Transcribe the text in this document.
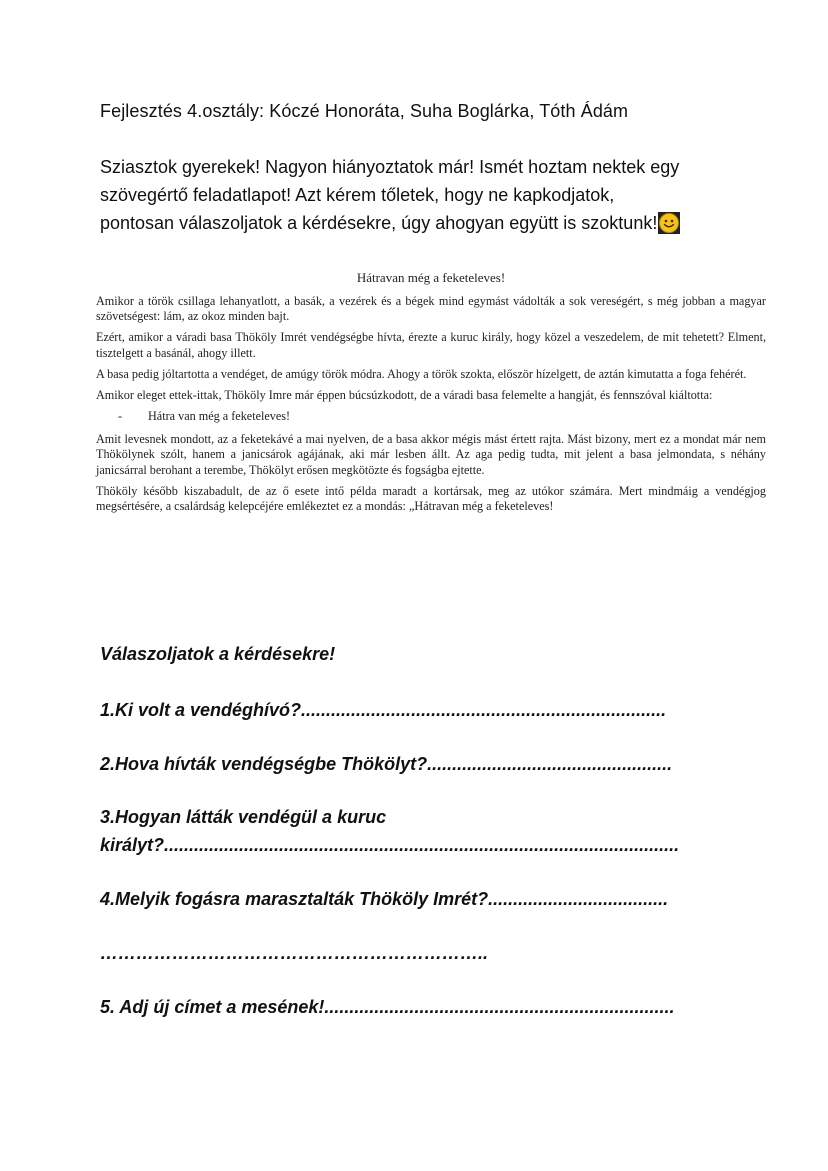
Fejlesztés 4.osztály: Kóczé Honoráta, Suha Boglárka, Tóth Ádám

Sziasztok gyerekek! Nagyon hiányoztatok már! Ismét hoztam nektek egy

szövegértő feladatlapot! Azt kérem tőletek, hogy ne kapkodjatok,

pontosan válaszoljatok a kérdésekre, úgy ahogyan együtt is szoktunk!

Hátravan még a feketeleves!

Amikor a török csillaga lehanyatlott, a basák, a vezérek és a bégek mind egymást vádolták a sok vereségért, s még jobban a magyar szövetségest: lám, az okoz minden bajt.

Ezért, amikor a váradi basa Thököly Imrét vendégségbe hívta, érezte a kuruc király, hogy közel a veszedelem, de mit tehetett? Elment, tisztelgett a basánál, ahogy illett.

A basa pedig jóltartotta a vendéget, de amúgy török módra. Ahogy a török szokta, először hízelgett, de aztán kimutatta a foga fehérét.

Amikor eleget ettek-ittak, Thököly Imre már éppen búcsúzkodott, de a váradi basa felemelte a hangját, és fennszóval kiáltotta:

- Hátra van még a feketeleves!

Amit levesnek mondott, az a feketekávé a mai nyelven, de a basa akkor mégis mást értett rajta. Mást bizony, mert ez a mondat már nem Thökölynek szólt, hanem a janicsárok agájának, aki már lesben állt. Az aga pedig tudta, mit jelent a basa jelmondata, s néhány janicsárral berohant a terembe, Thökölyt erősen megkötözte és fogságba ejtette.

Thököly később kiszabadult, de az ő esete intő példa maradt a kortársak, meg az utókor számára. Mert mindmáig a vendégjog megsértésére, a csalárdság kelepcéjére emlékeztet ez a mondás: „Hátravan még a feketeleves!

Válaszoljatok a kérdésekre!
1.Ki volt a vendéghívó?.........................................................................
2.Hova hívták vendégségbe Thökölyt?.................................................
3.Hogyan látták vendégül a kuruc
királyt?.......................................................................................................
4.Melyik fogásra marasztalták Thököly Imrét?....................................
………………………………………………………..
5. Adj új címet a mesének!......................................................................
